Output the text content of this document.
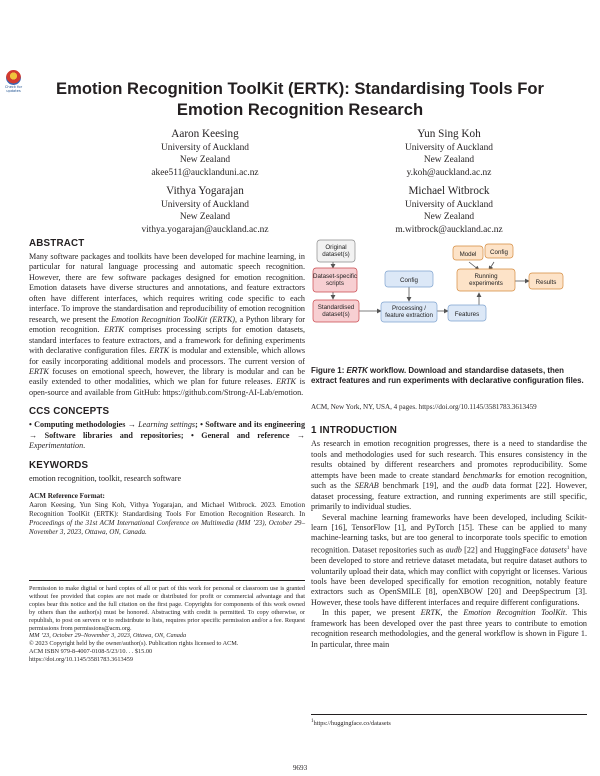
Check for
updates	Emotion Recognition ToolKit (ERTK): Standardising Tools For Emotion Recognition Research
Aaron Keesing
University of Auckland
New Zealand
akee511@aucklanduni.ac.nz
Yun Sing Koh
University of Auckland
New Zealand
y.koh@auckland.ac.nz
Vithya Yogarajan
University of Auckland
New Zealand
vithya.yogarajan@auckland.ac.nz
Michael Witbrock
University of Auckland
New Zealand
m.witbrock@auckland.ac.nz
ABSTRACT

Many software packages and toolkits have been developed for machine learning, in particular for natural language processing and automatic speech recognition. However, there are few software packages designed for emotion recognition. Emotion datasets have diverse structures and annotations, and feature extractors often have different interfaces, which requires writing code specific to each interface. To improve the standardisation and reproducibility of emotion recognition research, we present the Emotion Recognition ToolKit (ERTK), a Python library for emotion recognition. ERTK comprises processing scripts for emotion datasets, standard interfaces to feature extractors, and a framework for defining experiments with declarative configuration files. ERTK is modular and extensible, which allows for easily incorporating additional models and processors. The current version of ERTK focuses on emotional speech, however, the library is modular and can be easily extended to other modalities, which we plan for future releases. ERTK is open-source and available from GitHub: https://github.com/Strong-AI-Lab/emotion.

CCS CONCEPTS

• Computing methodologies → Learning settings; • Software and its engineering → Software libraries and repositories; • General and reference → Experimentation.

KEYWORDS

emotion recognition, toolkit, research software

ACM Reference Format:
Aaron Keesing, Yun Sing Koh, Vithya Yogarajan, and Michael Witbrock. 2023. Emotion Recognition ToolKit (ERTK): Standardising Tools For Emotion Recognition Research. In Proceedings of the 31st ACM International Conference on Multimedia (MM ’23), October 29–November 3, 2023, Ottawa, ON, Canada.
Permission to make digital or hard copies of all or part of this work for personal or classroom use is granted without fee provided that copies are not made or distributed for profit or commercial advantage and that copies bear this notice and the full citation on the first page. Copyrights for components of this work owned by others than the author(s) must be honored. Abstracting with credit is permitted. To copy otherwise, or republish, to post on servers or to redistribute to lists, requires prior specific permission and/or a fee. Request permissions from permissions@acm.org.
MM ’23, October 29–November 3, 2023, Ottawa, ON, Canada
© 2023 Copyright held by the owner/author(s). Publication rights licensed to ACM.
ACM ISBN 979-8-4007-0108-5/23/10. . . $15.00
https://doi.org/10.1145/3581783.3613459
Original dataset(s)
Dataset-specific scripts
Standardised dataset(s)
Config
Processing / feature extraction	Features
Model Config
Running experiments	Results
Figure 1: ERTK workflow. Download and standardise datasets, then extract features and run experiments with declarative configuration files.
ACM, New York, NY, USA, 4 pages. https://doi.org/10.1145/3581783.3613459
1 INTRODUCTION

As research in emotion recognition progresses, there is a need to standardise the tools and methodologies used for such research. This ensures consistency in the results obtained by different researchers and promotes reproducibility. Some attempts have been made to create standard benchmarks for emotion recognition, such as the SERAB benchmark [19], and the audb data format [22]. However, dataset processing, feature extraction, and running experiments are still specific, primarily to individual studies.

Several machine learning frameworks have been developed, including Scikit-learn [16], TensorFlow [1], and PyTorch [15]. These can be applied to many machine-learning tasks, but are too general to incorporate tools specific to emotion recognition. Dataset repositories such as audb [22] and HuggingFace datasets$^1$ have been developed to store and retrieve dataset metadata, but require dataset authors to voluntarily upload their data, which may conflict with copyright or licenses. Various tools have been developed specifically for emotion recognition, notably feature extractors such as OpenSMILE [8], openXBOW [20] and DeepSpectrum [3]. However, these tools have different interfaces and require different configurations.

In this paper, we present ERTK, the Emotion Recognition ToolKit. This framework has been developed over the past three years to contribute to emotion recognition research methodologies, and the general workflow is shown in Figure 1. In particular, three main

$^1$https://huggingface.co/datasets
9693
